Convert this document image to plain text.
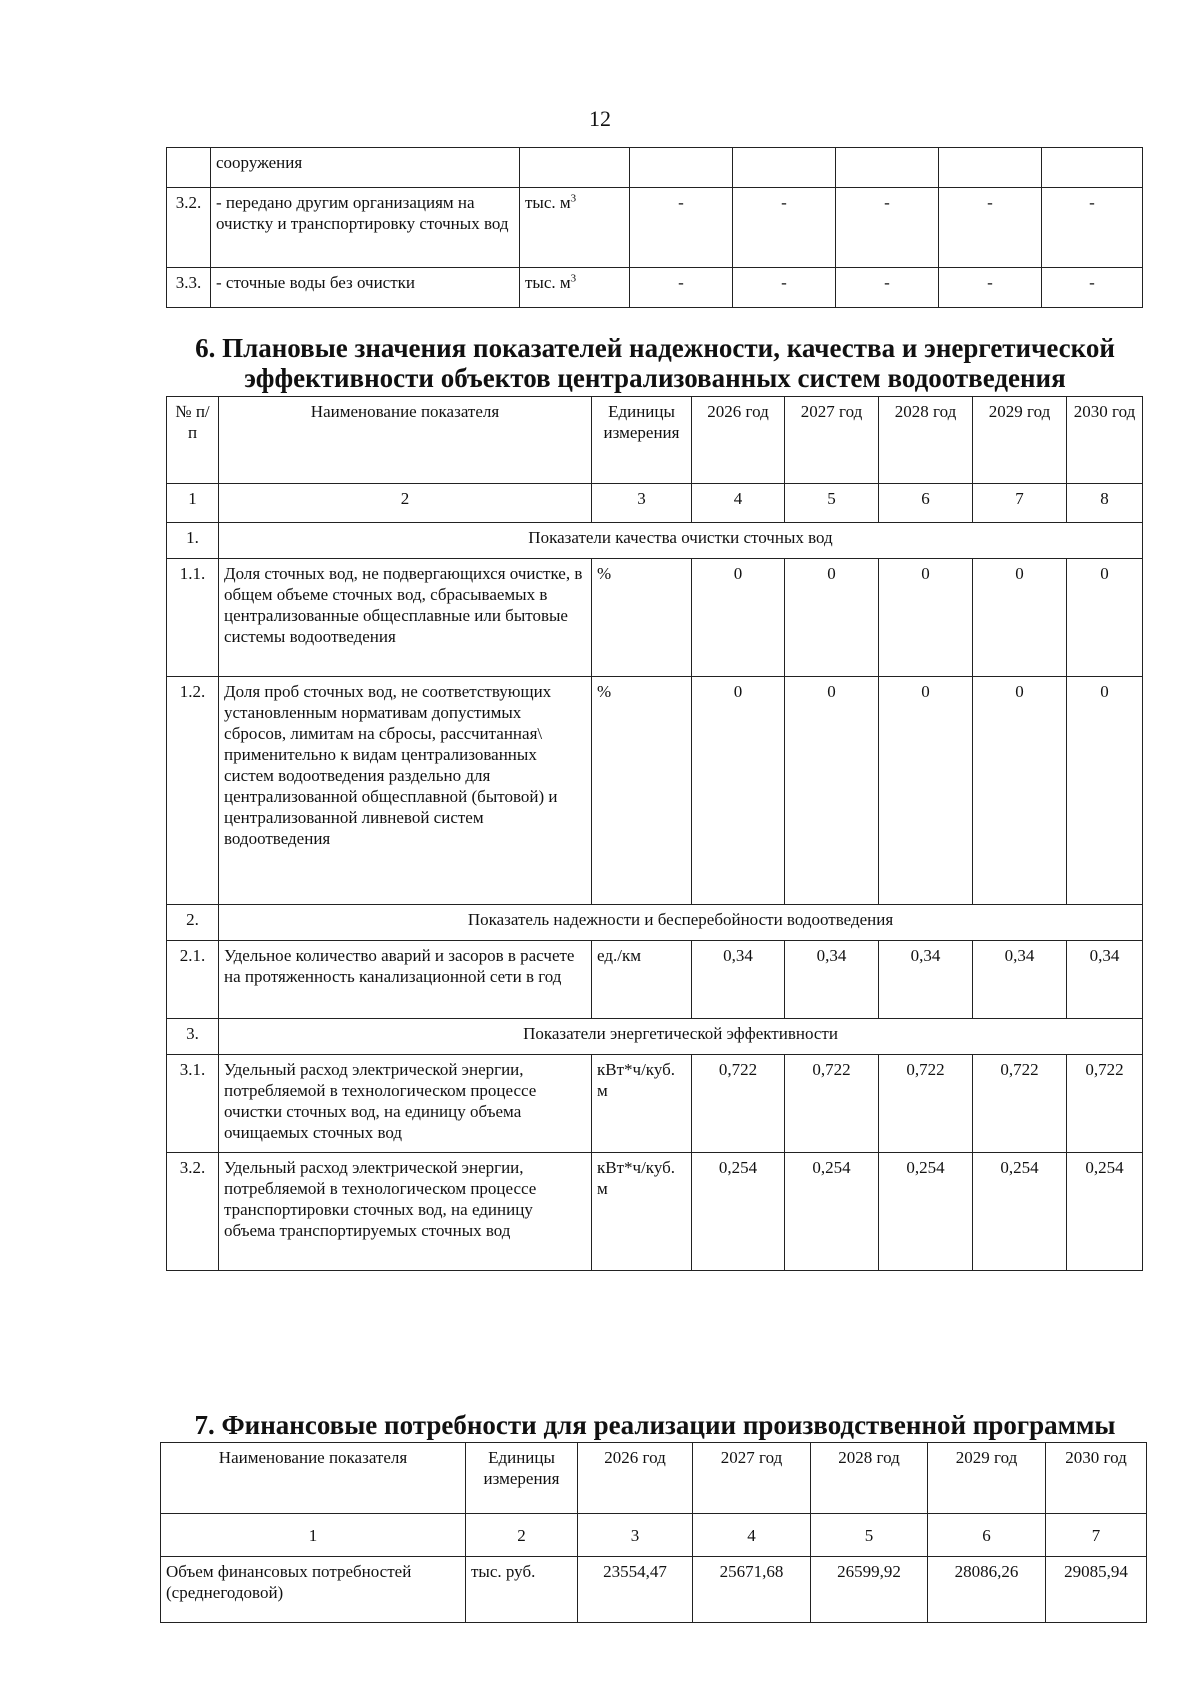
12
	сооружения						
3.2.	- передано другим организациям на очистку и транспортировку сточных вод	тыс. $м^3$	-	-	-	-	-
3.3.	- сточные воды без очистки	тыс. $м^3$	-	-	-	-	-
6. Плановые значения показателей надежности, качества и энергетической
эффективности объектов централизованных систем водоотведения
№ п/п	Наименование показателя	Единицы измерения	2026 год	2027 год	2028 год	2029 год	2030 год
1	2	3	4	5	6	7	8
1.	Показатели качества очистки сточных вод						
1.1.	Доля сточных вод, не подвергающихся очистке, в общем объеме сточных вод, сбрасываемых в централизованные общесплавные или бытовые системы водоотведения	%	0	0	0	0	0
1.2.	Доля проб сточных вод, не соответствующих установленным нормативам допустимых сбросов, лимитам на сбросы, рассчитанная\ применительно к видам централизованных систем водоотведения раздельно для централизованной общесплавной (бытовой) и централизованной ливневой систем водоотведения	%	0	0	0	0	0
2.	Показатель надежности и бесперебойности водоотведения						
2.1.	Удельное количество аварий и засоров в расчете на протяженность канализационной сети в год	ед./км	0,34	0,34	0,34	0,34	0,34
3.	Показатели энергетической эффективности						
3.1.	Удельный расход электрической энергии, потребляемой в технологическом процессе очистки сточных вод, на единицу объема очищаемых сточных вод	кВт*ч/куб. м	0,722	0,722	0,722	0,722	0,722
3.2.	Удельный расход электрической энергии, потребляемой в технологическом процессе транспортировки сточных вод, на единицу объема транспортируемых сточных вод	кВт*ч/куб. м	0,254	0,254	0,254	0,254	0,254
7. Финансовые потребности для реализации производственной программы
Наименование показателя	Единицы измерения	2026 год	2027 год	2028 год	2029 год	2030 год
1	2	3	4	5	6	7
Объем финансовых потребностей (среднегодовой)	тыс. руб.	23554,47	25671,68	26599,92	28086,26	29085,94
